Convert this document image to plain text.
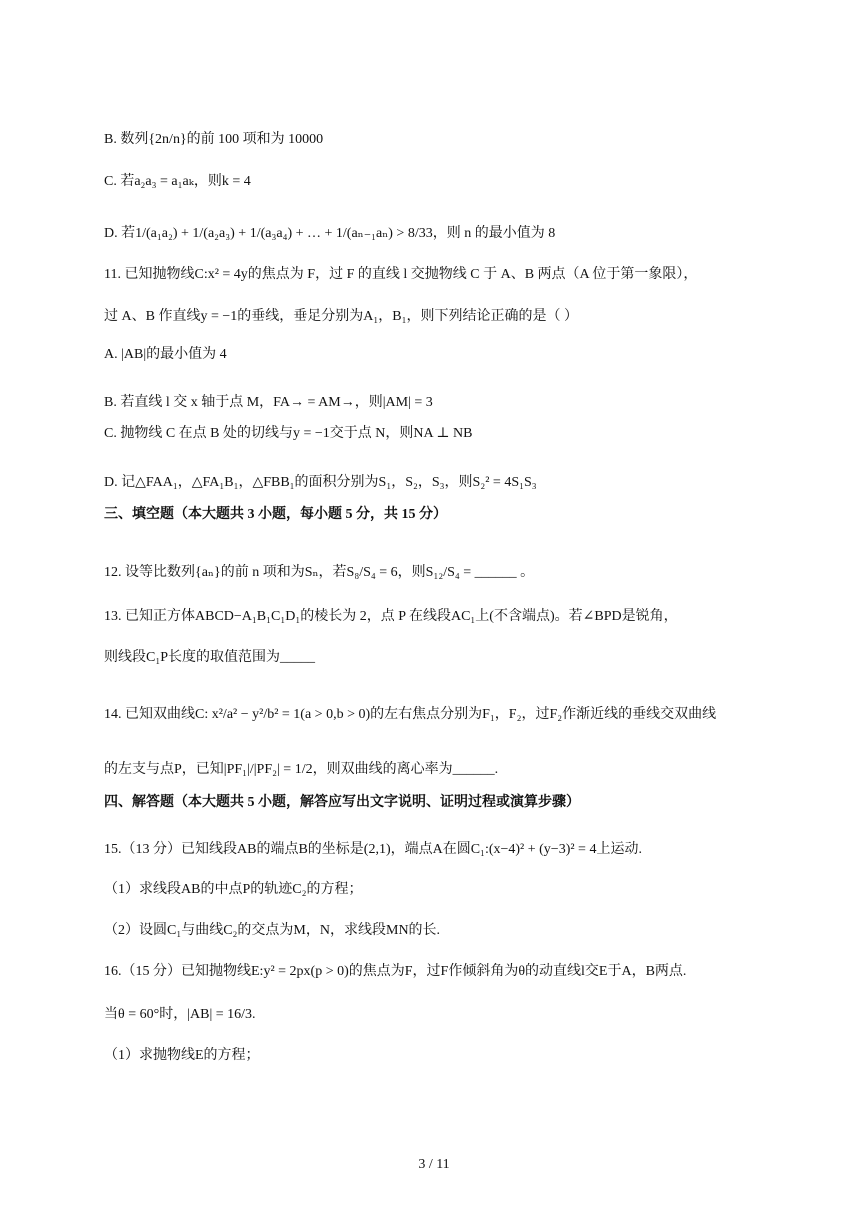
B. 数列{2n/n}的前 100 项和为 10000
C. 若a₂a₃ = a₁aₖ，则k = 4
D. 若1/(a₁a₂) + 1/(a₂a₃) + 1/(a₃a₄) + … + 1/(aₙ₋₁aₙ) > 8/33，则 n 的最小值为 8
11. 已知抛物线C:x² = 4y的焦点为 F，过 F 的直线 l 交抛物线 C 于 A、B 两点（A 位于第一象限），
过 A、B 作直线y = −1的垂线，垂足分别为A₁，B₁，则下列结论正确的是（ ）
A. |AB|的最小值为 4
B. 若直线 l 交 x 轴于点 M，FA→ = AM→，则|AM| = 3
C. 抛物线 C 在点 B 处的切线与y = −1交于点 N，则NA ⊥ NB
D. 记△FAA₁，△FA₁B₁，△FBB₁的面积分别为S₁，S₂，S₃，则S₂² = 4S₁S₃
三、填空题（本大题共 3 小题，每小题 5 分，共 15 分）
12. 设等比数列{aₙ}的前 n 项和为Sₙ，若S₈/S₄ = 6，则S₁₂/S₄ = ______ 。
13. 已知正方体ABCD−A₁B₁C₁D₁的棱长为 2，点 P 在线段AC₁上(不含端点)。若∠BPD是锐角，
则线段C₁P长度的取值范围为_____
14. 已知双曲线C: x²/a² − y²/b² = 1(a > 0,b > 0)的左右焦点分别为F₁，F₂，过F₂作渐近线的垂线交双曲线
的左支与点P，已知|PF₁|/|PF₂| = 1/2，则双曲线的离心率为______.
四、解答题（本大题共 5 小题，解答应写出文字说明、证明过程或演算步骤）
15.（13 分）已知线段AB的端点B的坐标是(2,1)，端点A在圆C₁:(x−4)² + (y−3)² = 4上运动.
（1）求线段AB的中点P的轨迹C₂的方程；
（2）设圆C₁与曲线C₂的交点为M，N，求线段MN的长.
16.（15 分）已知抛物线E:y² = 2px(p > 0)的焦点为F，过F作倾斜角为θ的动直线l交E于A，B两点.
当θ = 60°时，|AB| = 16/3.
（1）求抛物线E的方程；
3 / 11
